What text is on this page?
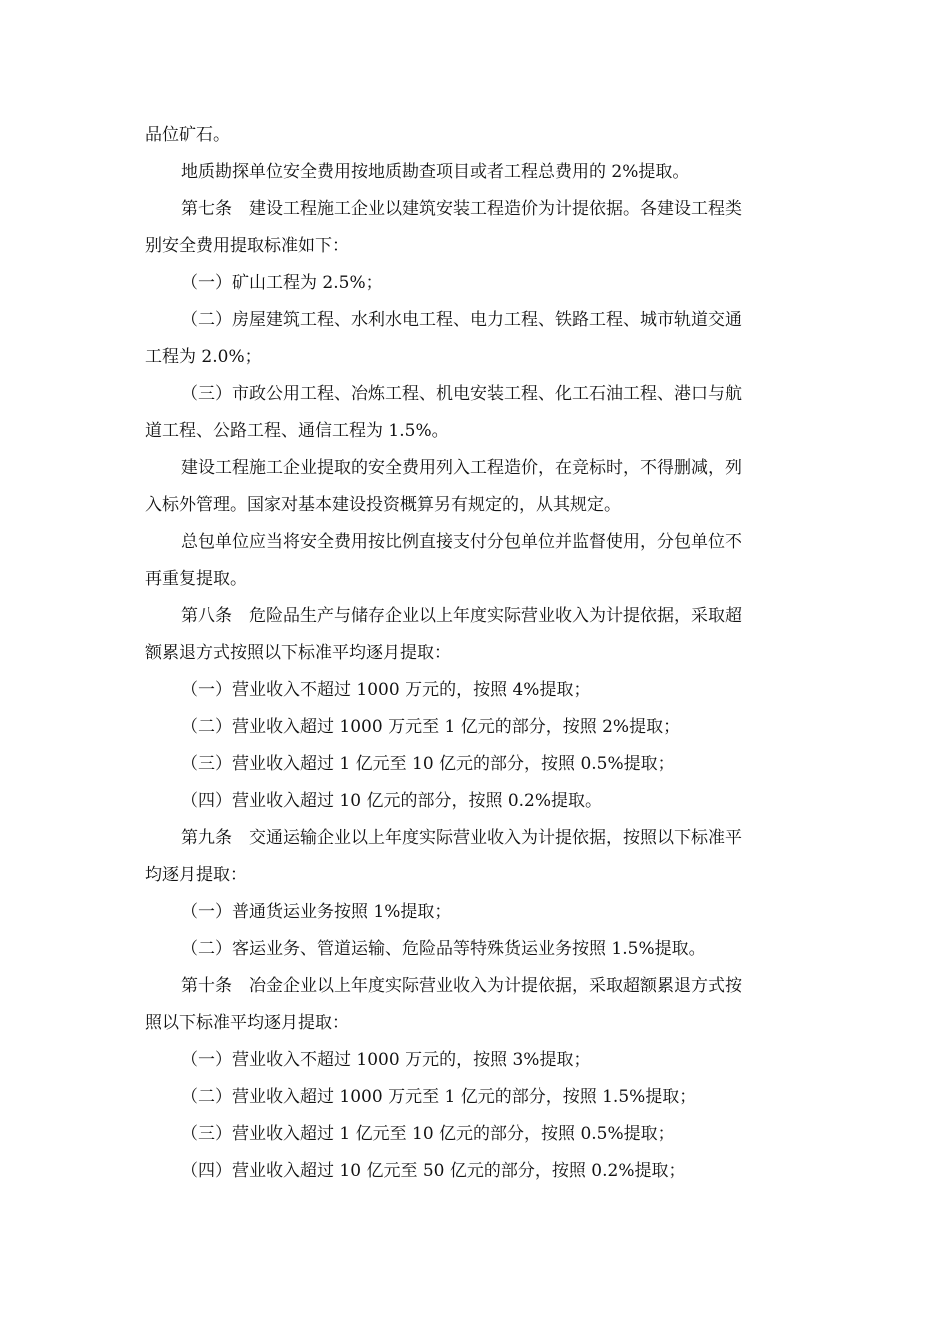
品位矿石。
地质勘探单位安全费用按地质勘查项目或者工程总费用的 2%提取。
第七条　建设工程施工企业以建筑安装工程造价为计提依据。各建设工程类
别安全费用提取标准如下：
（一）矿山工程为 2.5%；
（二）房屋建筑工程、水利水电工程、电力工程、铁路工程、城市轨道交通
工程为 2.0%；
（三）市政公用工程、冶炼工程、机电安装工程、化工石油工程、港口与航
道工程、公路工程、通信工程为 1.5%。
建设工程施工企业提取的安全费用列入工程造价，在竞标时，不得删减，列
入标外管理。国家对基本建设投资概算另有规定的，从其规定。
总包单位应当将安全费用按比例直接支付分包单位并监督使用，分包单位不
再重复提取。
第八条　危险品生产与储存企业以上年度实际营业收入为计提依据，采取超
额累退方式按照以下标准平均逐月提取：
（一）营业收入不超过 1000 万元的，按照 4%提取；
（二）营业收入超过 1000 万元至 1 亿元的部分，按照 2%提取；
（三）营业收入超过 1 亿元至 10 亿元的部分，按照 0.5%提取；
（四）营业收入超过 10 亿元的部分，按照 0.2%提取。
第九条　交通运输企业以上年度实际营业收入为计提依据，按照以下标准平
均逐月提取：
（一）普通货运业务按照 1%提取；
（二）客运业务、管道运输、危险品等特殊货运业务按照 1.5%提取。
第十条　冶金企业以上年度实际营业收入为计提依据，采取超额累退方式按
照以下标准平均逐月提取：
（一）营业收入不超过 1000 万元的，按照 3%提取；
（二）营业收入超过 1000 万元至 1 亿元的部分，按照 1.5%提取；
（三）营业收入超过 1 亿元至 10 亿元的部分，按照 0.5%提取；
（四）营业收入超过 10 亿元至 50 亿元的部分，按照 0.2%提取；
